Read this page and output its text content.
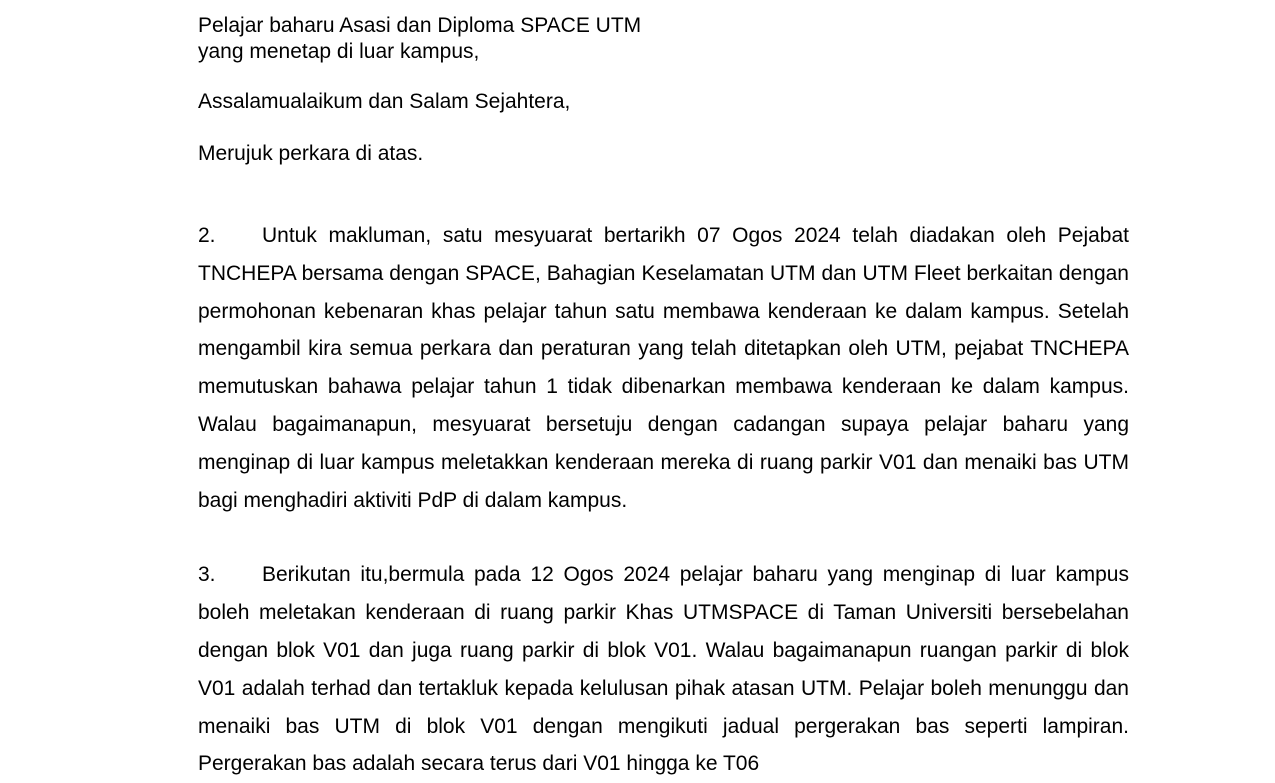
Pelajar baharu Asasi dan Diploma SPACE UTM
yang menetap di luar kampus,
Assalamualaikum dan Salam Sejahtera,
Merujuk perkara di atas.
2. Untuk makluman, satu mesyuarat bertarikh 07 Ogos 2024 telah diadakan oleh Pejabat TNCHEPA bersama dengan SPACE, Bahagian Keselamatan UTM dan UTM Fleet berkaitan dengan permohonan kebenaran khas pelajar tahun satu membawa kenderaan ke dalam kampus. Setelah mengambil kira semua perkara dan peraturan yang telah ditetapkan oleh UTM, pejabat TNCHEPA memutuskan bahawa pelajar tahun 1 tidak dibenarkan membawa kenderaan ke dalam kampus. Walau bagaimanapun, mesyuarat bersetuju dengan cadangan supaya pelajar baharu yang menginap di luar kampus meletakkan kenderaan mereka di ruang parkir V01 dan menaiki bas UTM bagi menghadiri aktiviti PdP di dalam kampus.
3. Berikutan itu,bermula pada 12 Ogos 2024 pelajar baharu yang menginap di luar kampus boleh meletakan kenderaan di ruang parkir Khas UTMSPACE di Taman Universiti bersebelahan dengan blok V01 dan juga ruang parkir di blok V01. Walau bagaimanapun ruangan parkir di blok V01 adalah terhad dan tertakluk kepada kelulusan pihak atasan UTM. Pelajar boleh menunggu dan menaiki bas UTM di blok V01 dengan mengikuti jadual pergerakan bas seperti lampiran. Pergerakan bas adalah secara terus dari V01 hingga ke T06
